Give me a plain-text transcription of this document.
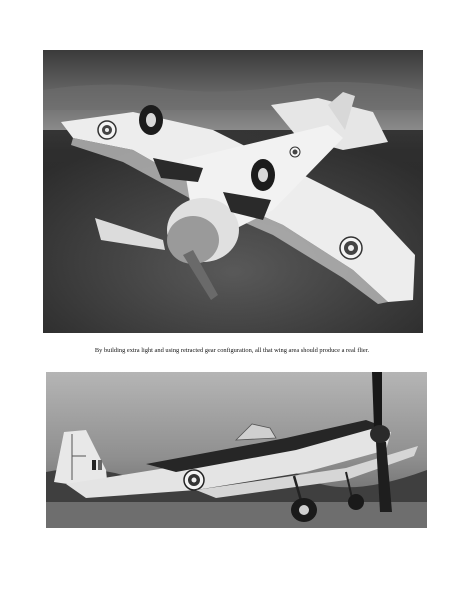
By building extra light and using retracted gear configuration, all that wing area should produce a real flier.
